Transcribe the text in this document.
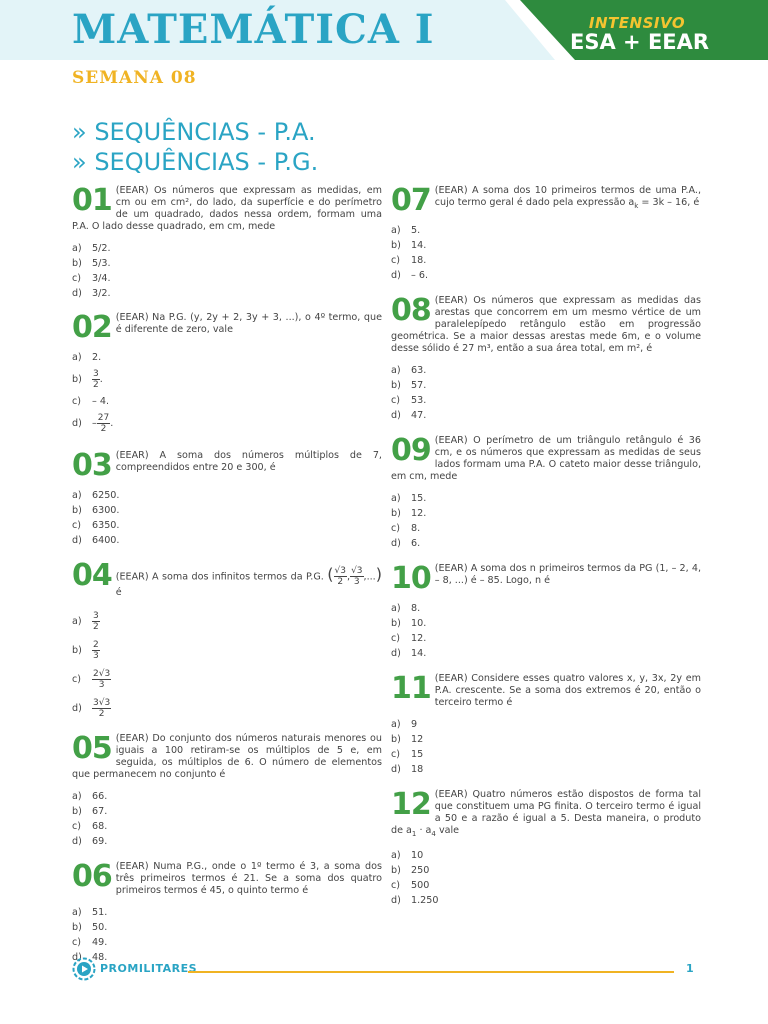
MATEMÁTICA I	INTENSIVO
ESA + EEAR
SEMANA 08
» SEQUÊNCIAS - P.A.
» SEQUÊNCIAS - P.G.
01 (EEAR) Os números que expressam as medidas, em cm ou em cm², do lado, da superfície e do perímetro de um quadrado, dados nessa ordem, formam uma P.A. O lado desse quadrado, em cm, mede

a)	5/2.
b)	5/3.
c)	3/4.
d)	3/2.
02 (EEAR) Na P.G. (y, 2y + 2, 3y + 3, ...), o 4º termo, que é diferente de zero, vale

a)	2.
b)	$\frac{3}{2}$ .
c)	– 4.
d)	– $\frac{27}{2}$ .
03 (EEAR) A soma dos números múltiplos de 7, compreendidos entre 20 e 300, é

a)	6250.
b)	6300.
c)	6350.
d)	6400.
04 (EEAR) A soma dos infinitos termos da P.G. ( $\frac{√3}{2}$ , $\frac{√3}{3}$ ,...) é

a)	$\frac{3}{2}$
b)	$\frac{2}{3}$
c)	$\frac{2√3}{3}$
d)	$\frac{3√3}{2}$
05 (EEAR) Do conjunto dos números naturais menores ou iguais a 100 retiram-se os múltiplos de 5 e, em seguida, os múltiplos de 6. O número de elementos que permanecem no conjunto é

a)	66.
b)	67.
c)	68.
d)	69.
06 (EEAR) Numa P.G., onde o 1º termo é 3, a soma dos três primeiros termos é 21. Se a soma dos quatro primeiros termos é 45, o quinto termo é

a)	51.
b)	50.
c)	49.
d)	48.
07 (EEAR) A soma dos 10 primeiros termos de uma P.A., cujo termo geral é dado pela expressão $a_k = 3k - 16$, é

a)	5.
b)	14.
c)	18.
d)	– 6.
08 (EEAR) Os números que expressam as medidas das arestas que concorrem em um mesmo vértice de um paralelepípedo retângulo estão em progressão geométrica. Se a maior dessas arestas mede 6m, e o volume desse sólido é 27 m³, então a sua área total, em m², é

a)	63.
b)	57.
c)	53.
d)	47.
09 (EEAR) O perímetro de um triângulo retângulo é 36 cm, e os números que expressam as medidas de seus lados formam uma P.A. O cateto maior desse triângulo, em cm, mede

a)	15.
b)	12.
c)	8.
d)	6.
10 (EEAR) A soma dos n primeiros termos da PG (1, – 2, 4, – 8, ...) é – 85. Logo, n é

a)	8.
b)	10.
c)	12.
d)	14.
11 (EEAR) Considere esses quatro valores x, y, 3x, 2y em P.A. crescente. Se a soma dos extremos é 20, então o terceiro termo é

a)	9
b)	12
c)	15
d)	18
12 (EEAR) Quatro números estão dispostos de forma tal que constituem uma PG finita. O terceiro termo é igual a 50 e a razão é igual a 5. Desta maneira, o produto de $a_1 \cdot a_4$ vale

a)	10
b)	250
c)	500
d)	1.250
PROMILITARES	1
